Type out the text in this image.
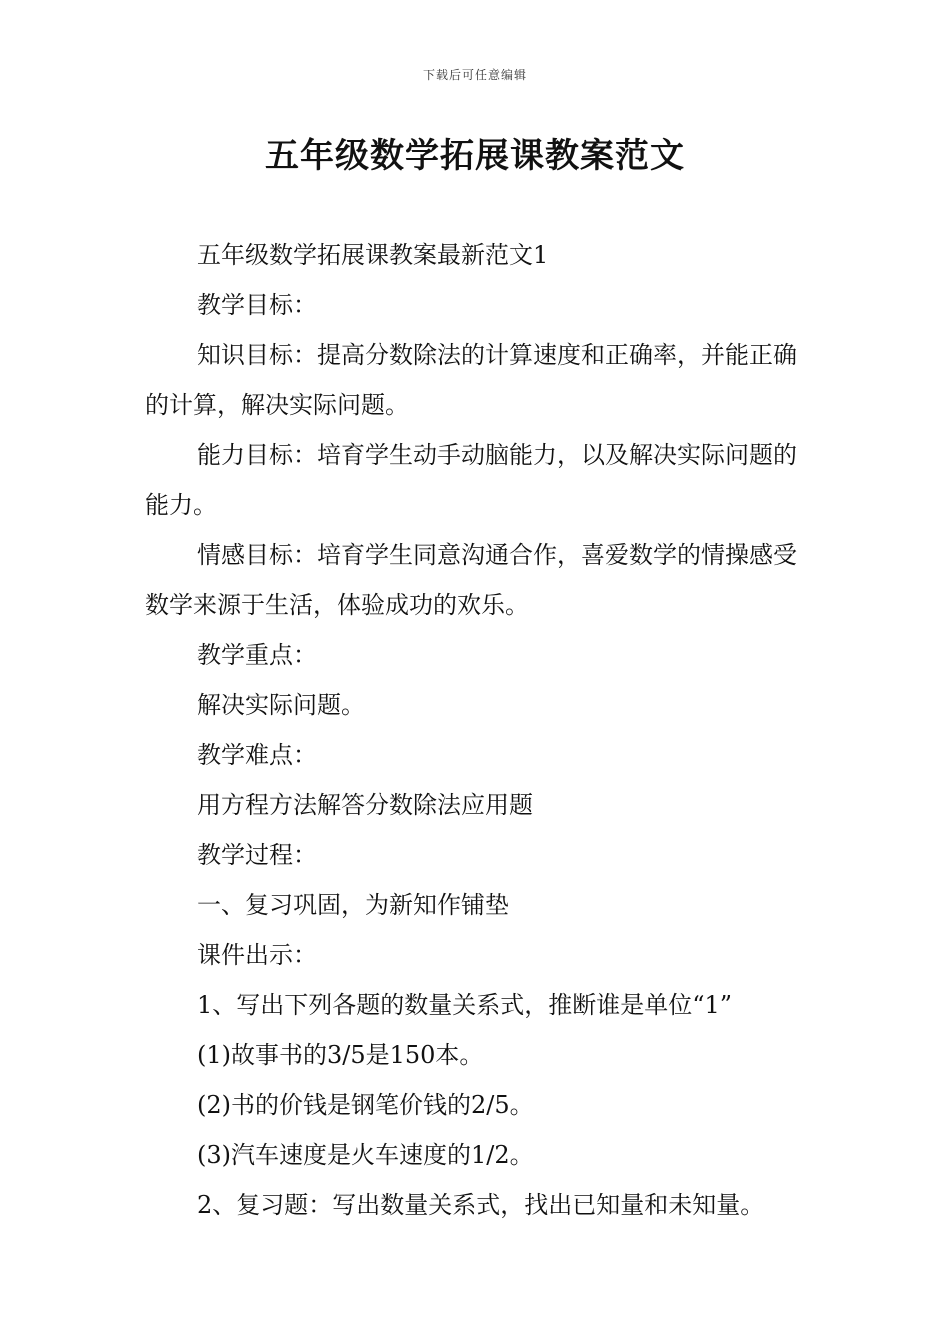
下载后可任意编辑
五年级数学拓展课教案范文

五年级数学拓展课教案最新范文1

教学目标：

知识目标：提高分数除法的计算速度和正确率，并能正确的计算，解决实际问题。

能力目标：培育学生动手动脑能力，以及解决实际问题的能力。

情感目标：培育学生同意沟通合作，喜爱数学的情操感受数学来源于生活，体验成功的欢乐。

教学重点：

解决实际问题。

教学难点：

用方程方法解答分数除法应用题

教学过程：

一、复习巩固，为新知作铺垫

课件出示：

1、写出下列各题的数量关系式，推断谁是单位“1”

(1)故事书的3/5是150本。

(2)书的价钱是钢笔价钱的2/5。

(3)汽车速度是火车速度的1/2。

2、复习题：写出数量关系式，找出已知量和未知量。
